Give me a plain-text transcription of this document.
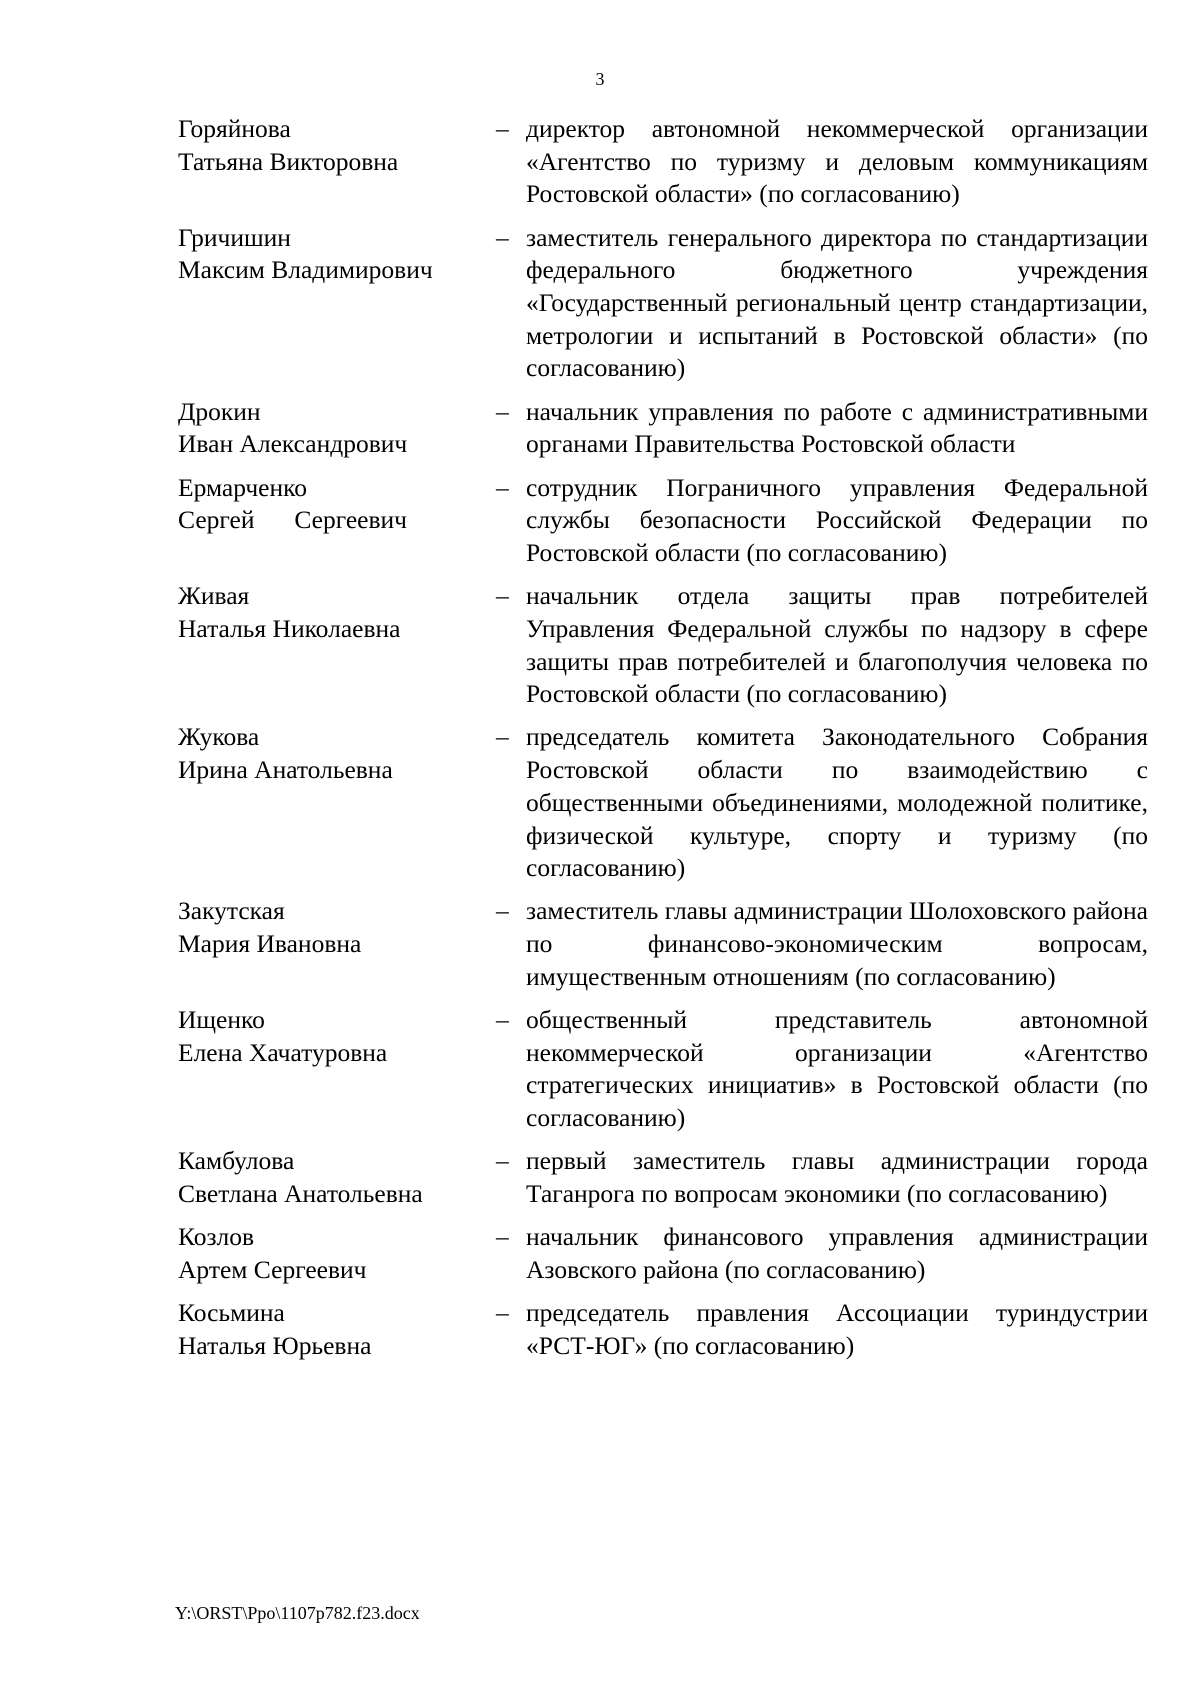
3
Горяйнова
Татьяна Викторовна
– директор автономной некоммерческой организации «Агентство по туризму и деловым коммуникациям Ростовской области» (по согласованию)
Гричишин
Максим Владимирович
– заместитель генерального директора по стандартизации федерального бюджетного учреждения «Государственный региональный центр стандартизации, метрологии и испытаний в Ростовской области» (по согласованию)
Дрокин
Иван Александрович
– начальник управления по работе с административными органами Правительства Ростовской области
Ермарченко
Сергей Сергеевич
– сотрудник Пограничного управления Федеральной службы безопасности Российской Федерации по Ростовской области (по согласованию)
Живая
Наталья Николаевна
– начальник отдела защиты прав потребителей Управления Федеральной службы по надзору в сфере защиты прав потребителей и благополучия человека по Ростовской области (по согласованию)
Жукова
Ирина Анатольевна
– председатель комитета Законодательного Собрания Ростовской области по взаимодействию с общественными объединениями, молодежной политике, физической культуре, спорту и туризму (по согласованию)
Закутская
Мария Ивановна
– заместитель главы администрации Шолоховского района по финансово-экономическим вопросам, имущественным отношениям (по согласованию)
Ищенко
Елена Хачатуровна
– общественный представитель автономной некоммерческой организации «Агентство стратегических инициатив» в Ростовской области (по согласованию)
Камбулова
Светлана Анатольевна
– первый заместитель главы администрации города Таганрога по вопросам экономики (по согласованию)
Козлов
Артем Сергеевич
– начальник финансового управления администрации Азовского района (по согласованию)
Косьмина
Наталья Юрьевна
– председатель правления Ассоциации туриндустрии «РСТ-ЮГ» (по согласованию)
Y:\ORST\Ppo\1107p782.f23.docx
